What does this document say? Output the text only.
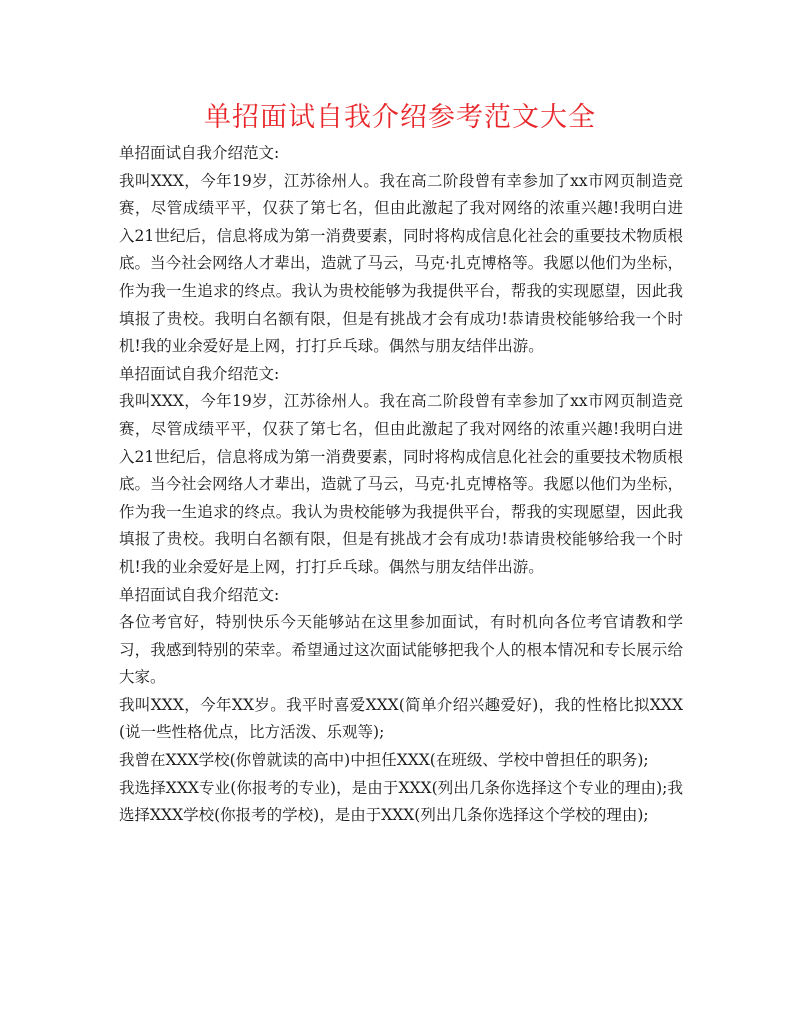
单招面试自我介绍参考范文大全

单招面试自我介绍范文:

我叫XXX，今年19岁，江苏徐州人。我在高二阶段曾有幸参加了xx市网页制造竞赛，尽管成绩平平，仅获了第七名，但由此激起了我对网络的浓重兴趣!我明白进入21世纪后，信息将成为第一消费要素，同时将构成信息化社会的重要技术物质根底。当今社会网络人才辈出，造就了马云，马克·扎克博格等。我愿以他们为坐标，作为我一生追求的终点。我认为贵校能够为我提供平台，帮我的实现愿望，因此我填报了贵校。我明白名额有限，但是有挑战才会有成功!恭请贵校能够给我一个时机!我的业余爱好是上网，打打乒乓球。偶然与朋友结伴出游。

单招面试自我介绍范文:

我叫XXX，今年19岁，江苏徐州人。我在高二阶段曾有幸参加了xx市网页制造竞赛，尽管成绩平平，仅获了第七名，但由此激起了我对网络的浓重兴趣!我明白进入21世纪后，信息将成为第一消费要素，同时将构成信息化社会的重要技术物质根底。当今社会网络人才辈出，造就了马云，马克·扎克博格等。我愿以他们为坐标，作为我一生追求的终点。我认为贵校能够为我提供平台，帮我的实现愿望，因此我填报了贵校。我明白名额有限，但是有挑战才会有成功!恭请贵校能够给我一个时机!我的业余爱好是上网，打打乒乓球。偶然与朋友结伴出游。

单招面试自我介绍范文:

各位考官好，特别快乐今天能够站在这里参加面试，有时机向各位考官请教和学习，我感到特别的荣幸。希望通过这次面试能够把我个人的根本情况和专长展示给大家。

我叫XXX，今年XX岁。我平时喜爱XXX(简单介绍兴趣爱好)，我的性格比拟XXX(说一些性格优点，比方活泼、乐观等);

我曾在XXX学校(你曾就读的高中)中担任XXX(在班级、学校中曾担任的职务);

我选择XXX专业(你报考的专业)，是由于XXX(列出几条你选择这个专业的理由);我选择XXX学校(你报考的学校)，是由于XXX(列出几条你选择这个学校的理由);
